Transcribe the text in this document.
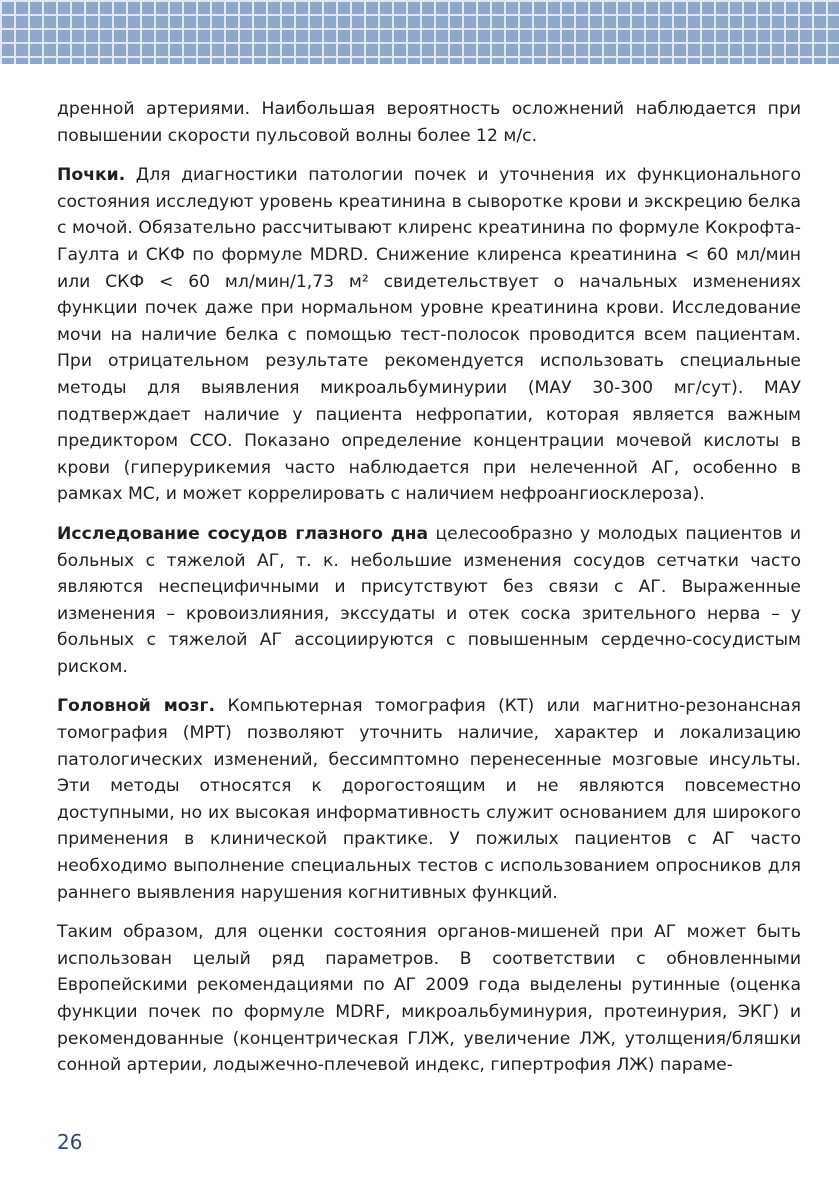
дренной артериями. Наибольшая вероятность осложнений наблюдается при повышении скорости пульсовой волны более 12 м/с.

Почки. Для диагностики патологии почек и уточнения их функционального состояния исследуют уровень креатинина в сыворотке крови и экскрецию белка с мочой. Обязательно рассчитывают клиренс креатинина по формуле Кокрофта-Гаулта и СКФ по формуле MDRD. Снижение клиренса креатинина < 60 мл/мин или СКФ < 60 мл/мин/1,73 м² свидетельствует о начальных изменениях функции почек даже при нормальном уровне креатинина крови. Исследование мочи на наличие белка с помощью тест-полосок проводится всем пациентам. При отрицательном результате рекомендуется использовать специальные методы для выявления микроальбуминурии (МАУ 30-300 мг/сут). МАУ подтверждает наличие у пациента нефропатии, которая является важным предиктором ССО. Показано определение концентрации мочевой кислоты в крови (гиперурикемия часто наблюдается при нелеченной АГ, особенно в рамках МС, и может коррелировать с наличием нефроангиосклероза).

Исследование сосудов глазного дна целесообразно у молодых пациентов и больных с тяжелой АГ, т. к. небольшие изменения сосудов сетчатки часто являются неспецифичными и присутствуют без связи с АГ. Выраженные изменения – кровоизлияния, экссудаты и отек соска зрительного нерва – у больных с тяжелой АГ ассоциируются с повышенным сердечно-сосудистым риском.

Головной мозг. Компьютерная томография (КТ) или магнитно-резонансная томография (МРТ) позволяют уточнить наличие, характер и локализацию патологических изменений, бессимптомно перенесенные мозговые инсульты. Эти методы относятся к дорогостоящим и не являются повсеместно доступными, но их высокая информативность служит основанием для широкого применения в клинической практике. У пожилых пациентов с АГ часто необходимо выполнение специальных тестов с использованием опросников для раннего выявления нарушения когнитивных функций.

Таким образом, для оценки состояния органов-мишеней при АГ может быть использован целый ряд параметров. В соответствии с обновленными Европейскими рекомендациями по АГ 2009 года выделены рутинные (оценка функции почек по формуле MDRF, микроальбуминурия, протеинурия, ЭКГ) и рекомендованные (концентрическая ГЛЖ, увеличение ЛЖ, утолщения/бляшки сонной артерии, лодыжечно-плечевой индекс, гипертрофия ЛЖ) параме-

26
